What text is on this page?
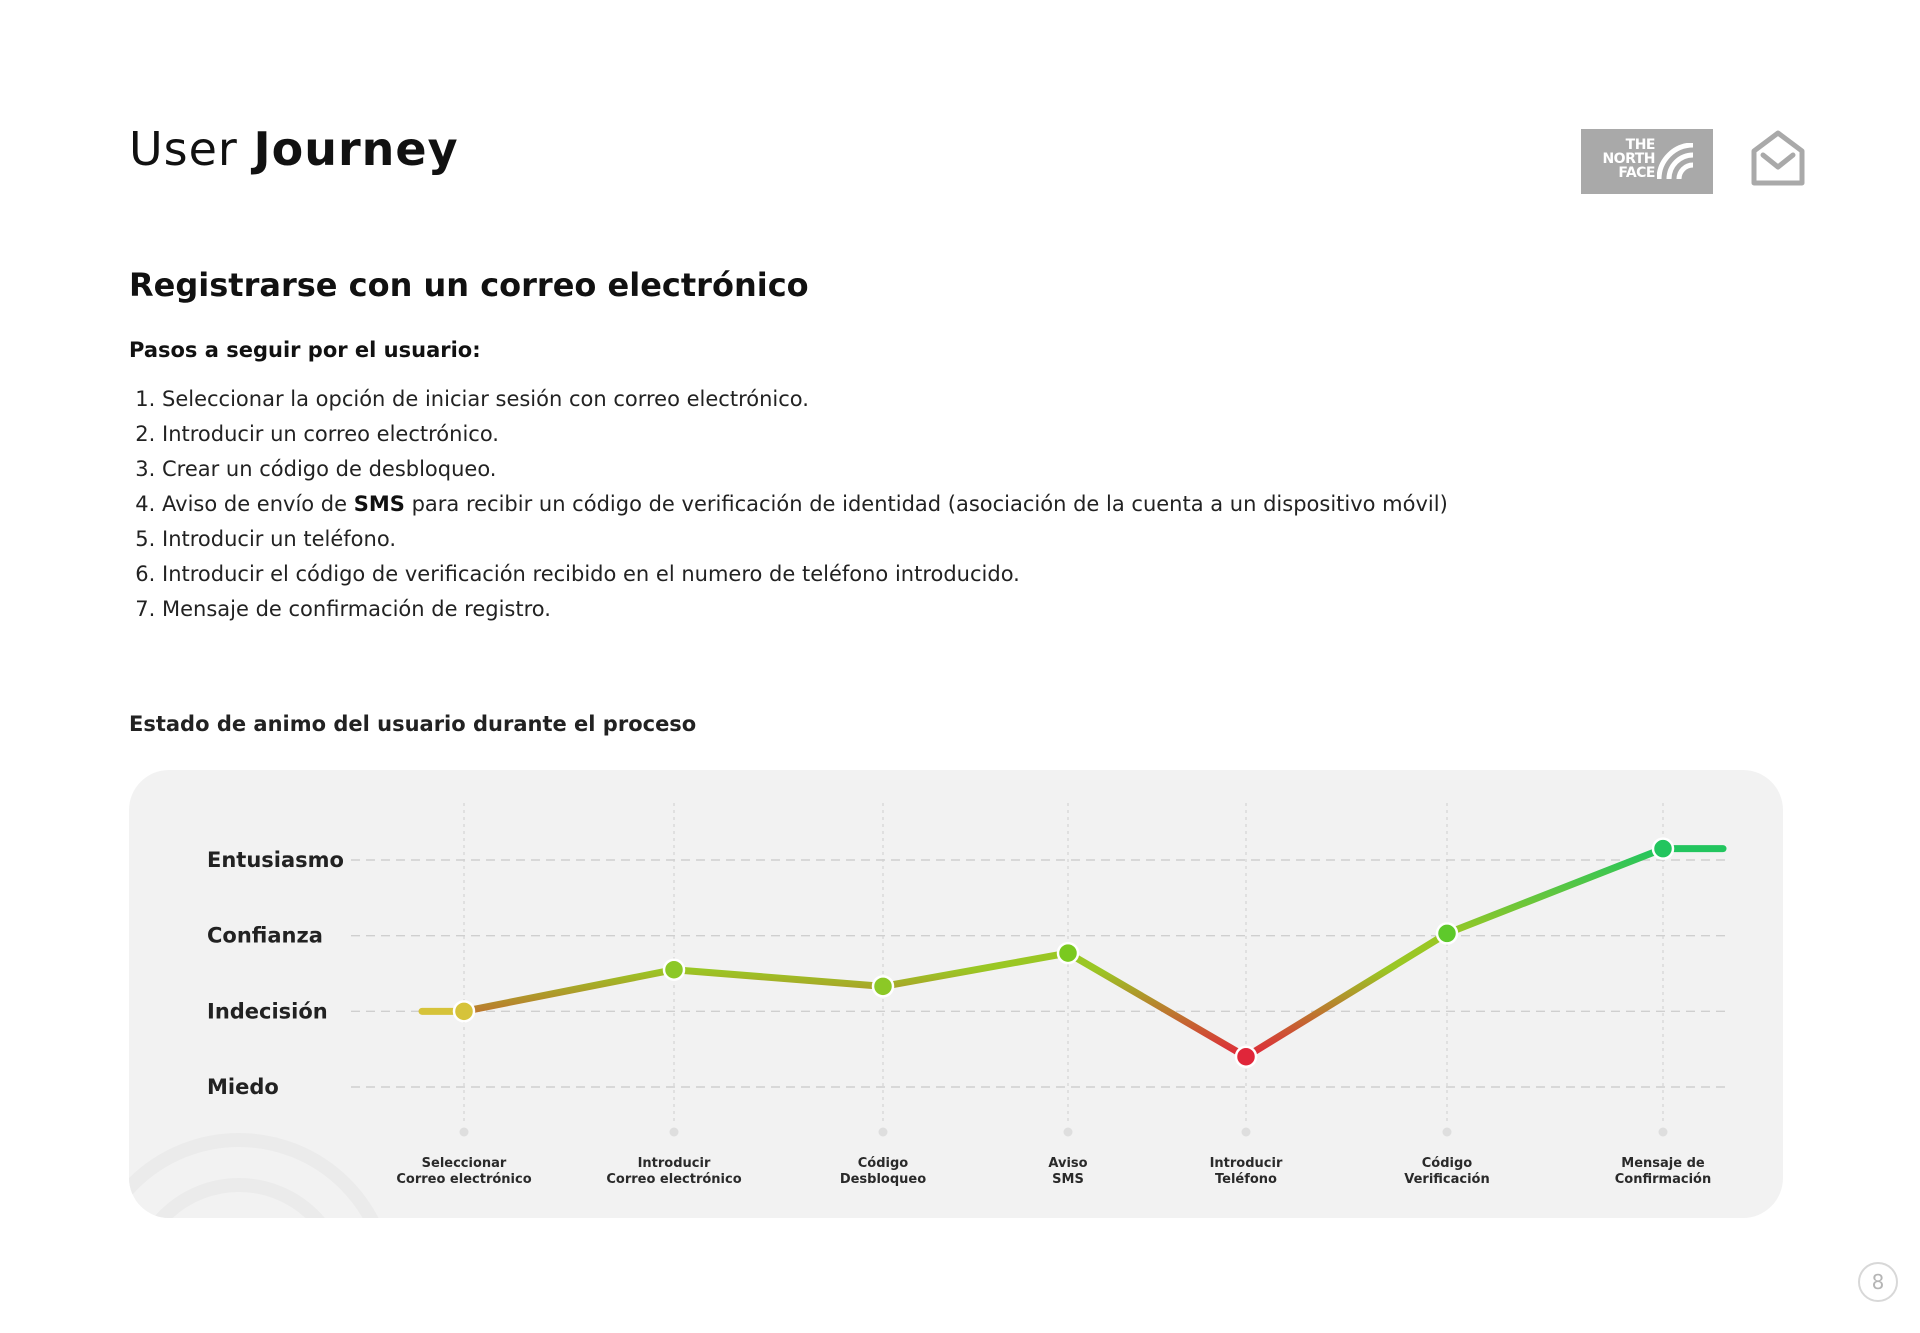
User Journey	THE
NORTH
FACE
Registrarse con un correo electrónico
Pasos a seguir por el usuario:
1. Seleccionar la opción de iniciar sesión con correo electrónico.
2. Introducir un correo electrónico.
3. Crear un código de desbloqueo.
4. Aviso de envío de SMS para recibir un código de verificación de identidad (asociación de la cuenta a un dispositivo móvil)
5. Introducir un teléfono.
6. Introducir el código de verificación recibido en el numero de teléfono introducido.
7. Mensaje de confirmación de registro.
Estado de animo del usuario durante el proceso
Miedo
Indecisión
Confianza
Entusiasmo
Seleccionar Correo electrónico
Introducir Correo electrónico
Código Desbloqueo
Aviso SMS
Introducir Teléfono
Código Verificación
Mensaje de Confirmación
8
